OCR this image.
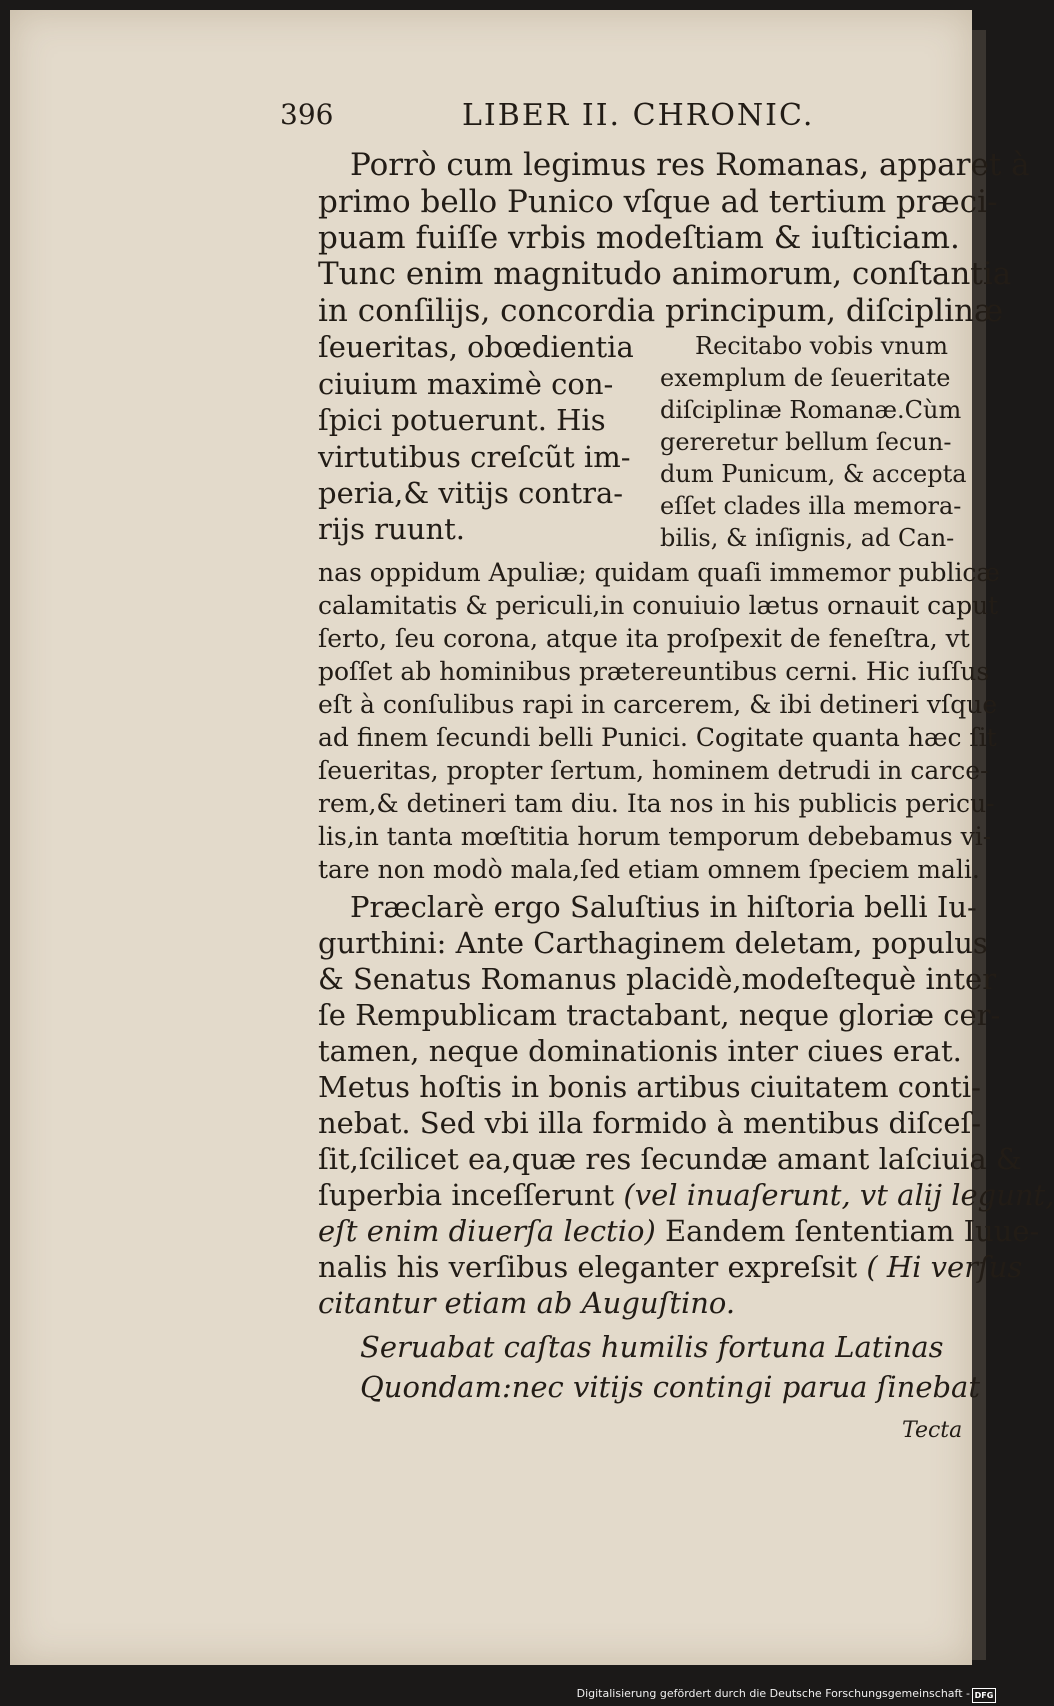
396	LIBER II. CHRONIC.
Porrò cum legimus res Romanas, apparet à
primo bello Punico vſque ad tertium præci-
puam fuiſſe vrbis modeſtiam & iuſticiam.
Tunc enim magnitudo animorum, conſtantia
in conſilijs, concordia principum, diſciplinæ
ſeueritas, obœdientia
ciuium maximè con-
ſpici potuerunt. His
virtutibus creſcũt im-
peria,& vitijs contra-
rijs ruunt.
Recitabo vobis vnum
exemplum de ſeueritate
diſciplinæ Romanæ.Cùm
gereretur bellum ſecun-
dum Punicum, & accepta
eſſet clades illa memora-
bilis, & inſignis, ad Can-
nas oppidum Apuliæ; quidam quaſi immemor publicæ
calamitatis & periculi,in conuiuio lætus ornauit caput
ſerto, ſeu corona, atque ita proſpexit de feneſtra, vt
poſſet ab hominibus prætereuntibus cerni. Hic iuſſus
eſt à conſulibus rapi in carcerem, & ibi detineri vſque
ad finem ſecundi belli Punici. Cogitate quanta hæc ſit
ſeueritas, propter ſertum, hominem detrudi in carce-
rem,& detineri tam diu. Ita nos in his publicis pericu-
lis,in tanta mœſtitia horum temporum debebamus vi-
tare non modò mala,ſed etiam omnem ſpeciem mali.
Præclarè ergo Saluſtius in hiſtoria belli Iu-
gurthini: Ante Carthaginem deletam, populus
& Senatus Romanus placidè,modeſtequè inter
ſe Rempublicam tractabant, neque gloriæ cer-
tamen, neque dominationis inter ciues erat.
Metus hoſtis in bonis artibus ciuitatem conti-
nebat. Sed vbi illa formido à mentibus diſceſ-
ſit,ſcilicet ea,quæ res ſecundæ amant laſciuia &
ſuperbia inceſſerunt (vel inuaſerunt, vt alij legunt,
eſt enim diuerſa lectio) Eandem ſententiam Iuue-
nalis his verſibus eleganter expreſsit ( Hi verſus
citantur etiam ab Auguſtino.
Seruabat caſtas humilis fortuna Latinas
Quondam:nec vitijs contingi parua ſinebat
Tecta
Digitalisierung gefördert durch die Deutsche Forschungsgemeinschaft - DFG
